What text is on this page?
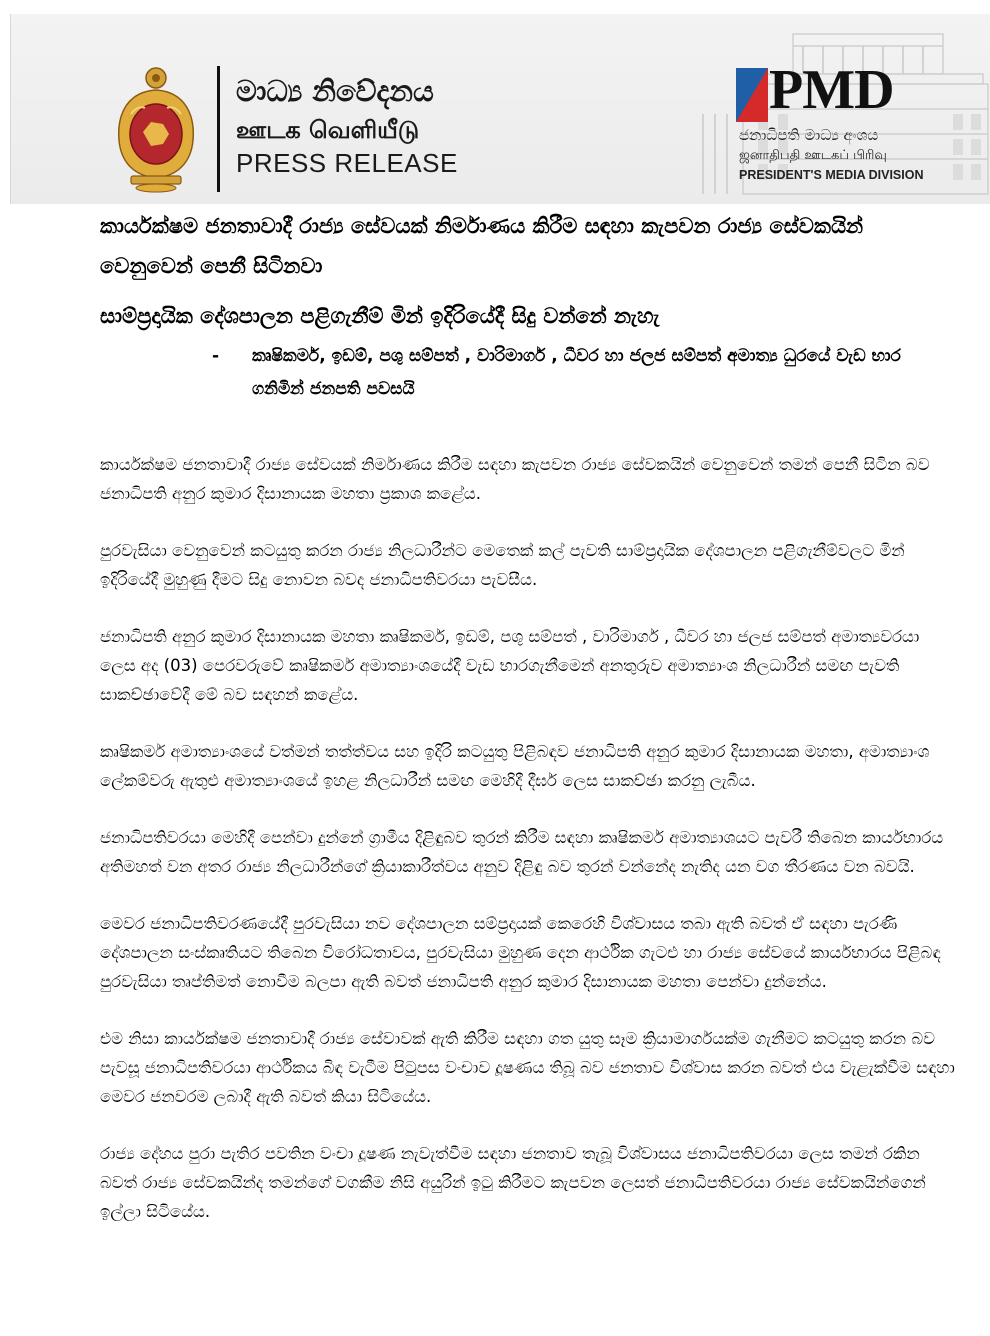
මාධ්‍ය නිවේදනය
ஊடக வெளியீடு
PRESS RELEASE
PMD
ජනාධිපති මාධ්‍ය අංශය
ஜனாதிபதி ஊடகப் பிரிவு
PRESIDENT'S MEDIA DIVISION

කාර්යක්ෂම ජනතාවාදී රාජ්‍ය සේවයක් නිර්මාණය කිරීම සඳහා කැපවන රාජ්‍ය සේවකයින් වෙනුවෙන් පෙනී සිටිනවා

සාම්ප්‍රදායික දේශපාලන පළිගැනීම් මින් ඉදිරියේදී සිදු වන්නේ නැහැ

-	කෘෂිකර්ම, ඉඩම්, පශු සම්පත් , වාරිමාර්ග , ධීවර හා ජලජ සම්පත් අමාත්‍ය ධුරයේ වැඩ භාර ගනිමින් ජනපති පවසයි

කාර්යක්ෂම ජනතාවාදී රාජ්‍ය සේවයක් නිර්මාණය කිරීම සඳහා කැපවන රාජ්‍ය සේවකයින් වෙනුවෙන් තමන් පෙනී සිටින බව ජනාධිපති අනුර කුමාර දිසානායක මහතා ප්‍රකාශ කළේය.

පුරවැසියා වෙනුවෙන් කටයුතු කරන රාජ්‍ය නිලධාරීන්ට මෙතෙක් කල් පැවති සාම්ප්‍රදායික දේශපාලන පළිගැනීම්වලට මින් ඉදිරියේදී මුහුණු දීමට සිදු නොවන බවද ජනාධිපතිවරයා පැවසීය.

ජනාධිපති අනුර කුමාර දිසානායක මහතා කෘෂිකර්ම, ඉඩම්, පශු සම්පත් , වාරිමාර්ග , ධීවර හා ජලජ සම්පත් අමාත්‍යවරයා ලෙස අද (03) පෙරවරුවේ කෘෂිකර්ම අමාත්‍යාංශයේදී වැඩ භාරගැනීමෙන් අනතුරුව අමාත්‍යාංශ නිලධාරීන් සමඟ පැවති සාකච්ඡාවේදී මේ බව සඳහන් කළේය.

කෘෂිකර්ම අමාත්‍යාංශයේ වත්මන් තත්ත්වය සහ ඉදිරි කටයුතු පිළිබඳව ජනාධිපති අනුර කුමාර දිසානායක මහතා, අමාත්‍යාංශ ලේකම්වරු ඇතුළු අමාත්‍යාංශයේ ඉහළ නිලධාරීන් සමඟ මෙහිදී දීර්ඝ ලෙස සාකච්ඡා කරනු ලැබීය.

ජනාධිපතිවරයා මෙහිදී පෙන්වා දුන්නේ ග්‍රාමීය දිළිඳුබව තුරන් කිරීම සඳහා කෘෂිකර්ම අමාත්‍යාශයට පැවරී තිබෙන කාර්යභාරය අතිමහත් වන අතර රාජ්‍ය නිලධාරීන්ගේ ක්‍රියාකාරීත්වය අනුව දිළිඳු බව තුරන් වන්නේද නැතිද යන වග තීරණය වන බවයි.

මෙවර ජනාධිපතිවරණයේදී පුරවැසියා නව දේශපාලන සම්ප්‍රදායක් කෙරෙහි විශ්වාසය තබා ඇති බවත් ඒ සඳහා පැරණි දේශපාලන සංස්කෘතියට තිබෙන විරෝධතාවය, පුරවැසියා මුහුණ දෙන ආර්ථික ගැටළු හා රාජ්‍ය සේවයේ කාර්යභාරය පිළිබඳ පුරවැසියා තෘප්තිමත් නොවීම බලපා ඇති බවත් ජනාධිපති අනුර කුමාර දිසානායක මහතා පෙන්වා දුන්නේය.

එම නිසා කාර්යක්ෂම ජනතාවාදී රාජ්‍ය සේවාවක් ඇති කිරීම සඳහා ගත යුතු සෑම ක්‍රියාමාර්ගයක්ම ගැනීමට කටයුතු කරන බව පැවසූ ජනාධිපතිවරයා ආර්ථිකය බිඳ වැටීම පිටුපස වංචාව දූෂණය තිබූ බව ජනතාව විශ්වාස කරන බවත් එය වැළැක්වීම සඳහා මෙවර ජනවරම ලබාදී ඇති බවත් කියා සිටියේය.

රාජ්‍ය දේහය පුරා පැතිර පවතින වංචා දූෂණ නැවැත්වීම සඳහා ජනතාව තැබූ විශ්වාසය ජනාධිපතිවරයා ලෙස තමන් රකින බවත් රාජ්‍ය සේවකයින්ද තමන්ගේ වගකීම නිසි අයුරින් ඉටු කිරීමට කැපවන ලෙසත් ජනාධිපතිවරයා රාජ්‍ය සේවකයින්ගෙන් ඉල්ලා සිටියේය.
